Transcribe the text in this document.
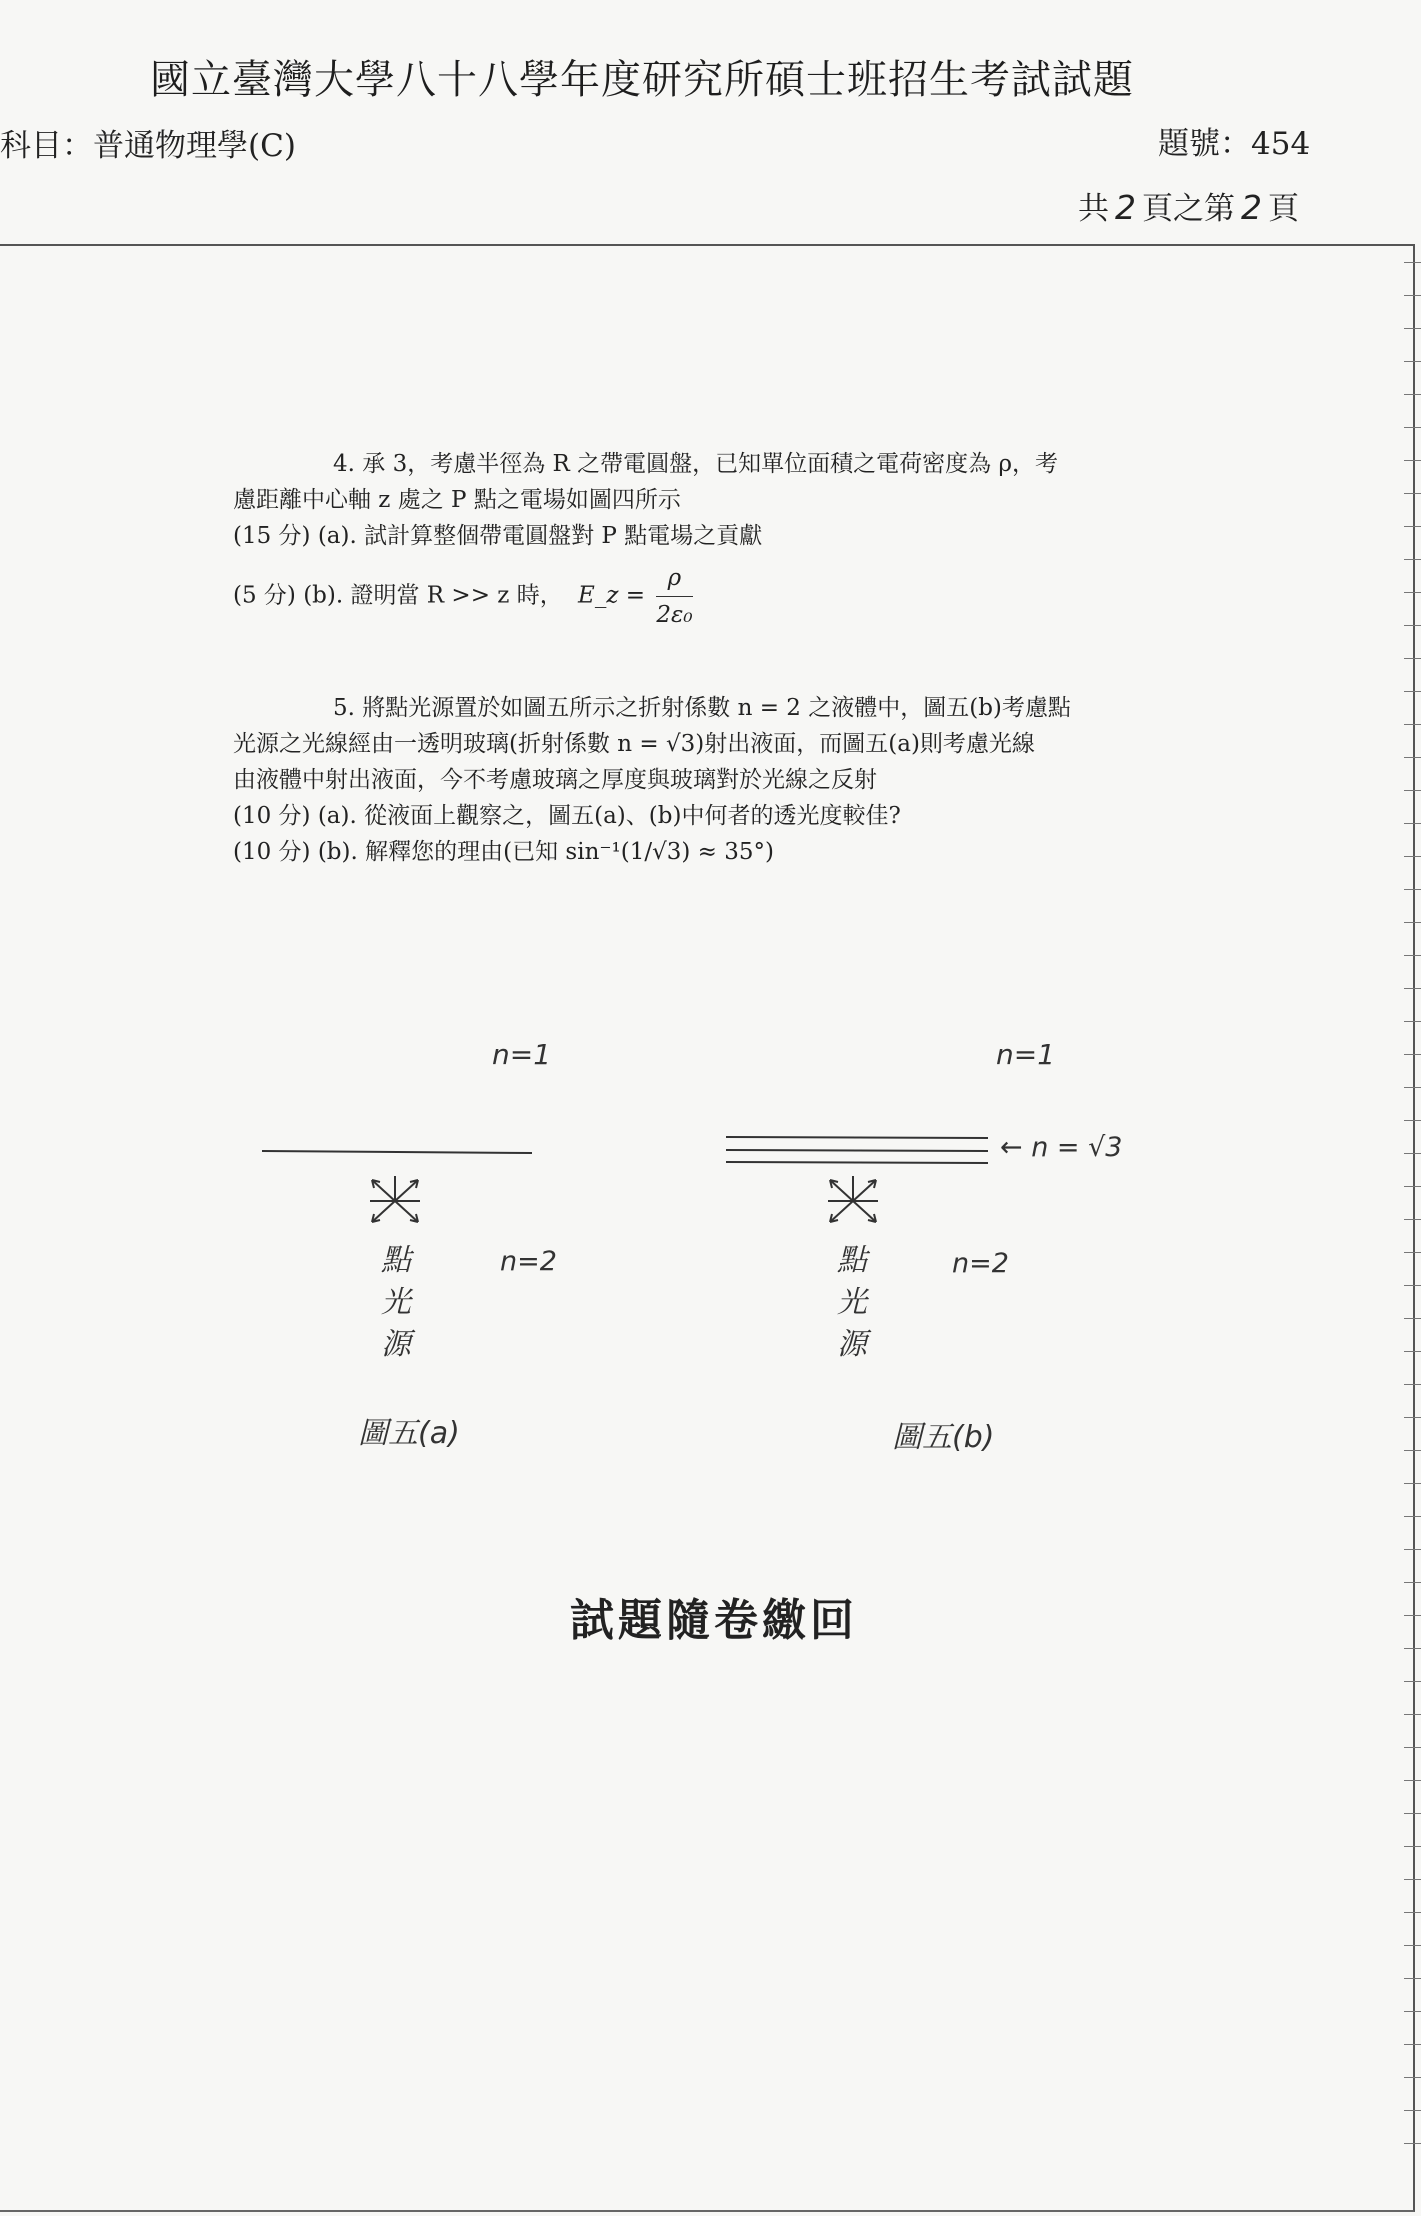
國立臺灣大學八十八學年度研究所碩士班招生考試試題
科目：普通物理學(C)	題號：454
共 2 頁之第 2 頁
4. 承 3，考慮半徑為 R 之帶電圓盤，已知單位面積之電荷密度為 ρ，考
慮距離中心軸 z 處之 P 點之電場如圖四所示
(15 分) (a). 試計算整個帶電圓盤對 P 點電場之貢獻
(5 分) (b). 證明當 R >> z 時， E_z = $\frac{\rho}{\text{2ε₀}}$
5. 將點光源置於如圖五所示之折射係數 n = 2 之液體中，圖五(b)考慮點
光源之光線經由一透明玻璃(折射係數 n = √3)射出液面，而圖五(a)則考慮光線
由液體中射出液面，今不考慮玻璃之厚度與玻璃對於光線之反射
(10 分) (a). 從液面上觀察之，圖五(a)、(b)中何者的透光度較佳?
(10 分) (b). 解釋您的理由(已知 sin⁻¹(1/√3) ≈ 35°)
n=1
n=2
點
光
源
圖五(a)
n=1
← n = √3
n=2
點
光
源
圖五(b)
試題隨卷繳回
